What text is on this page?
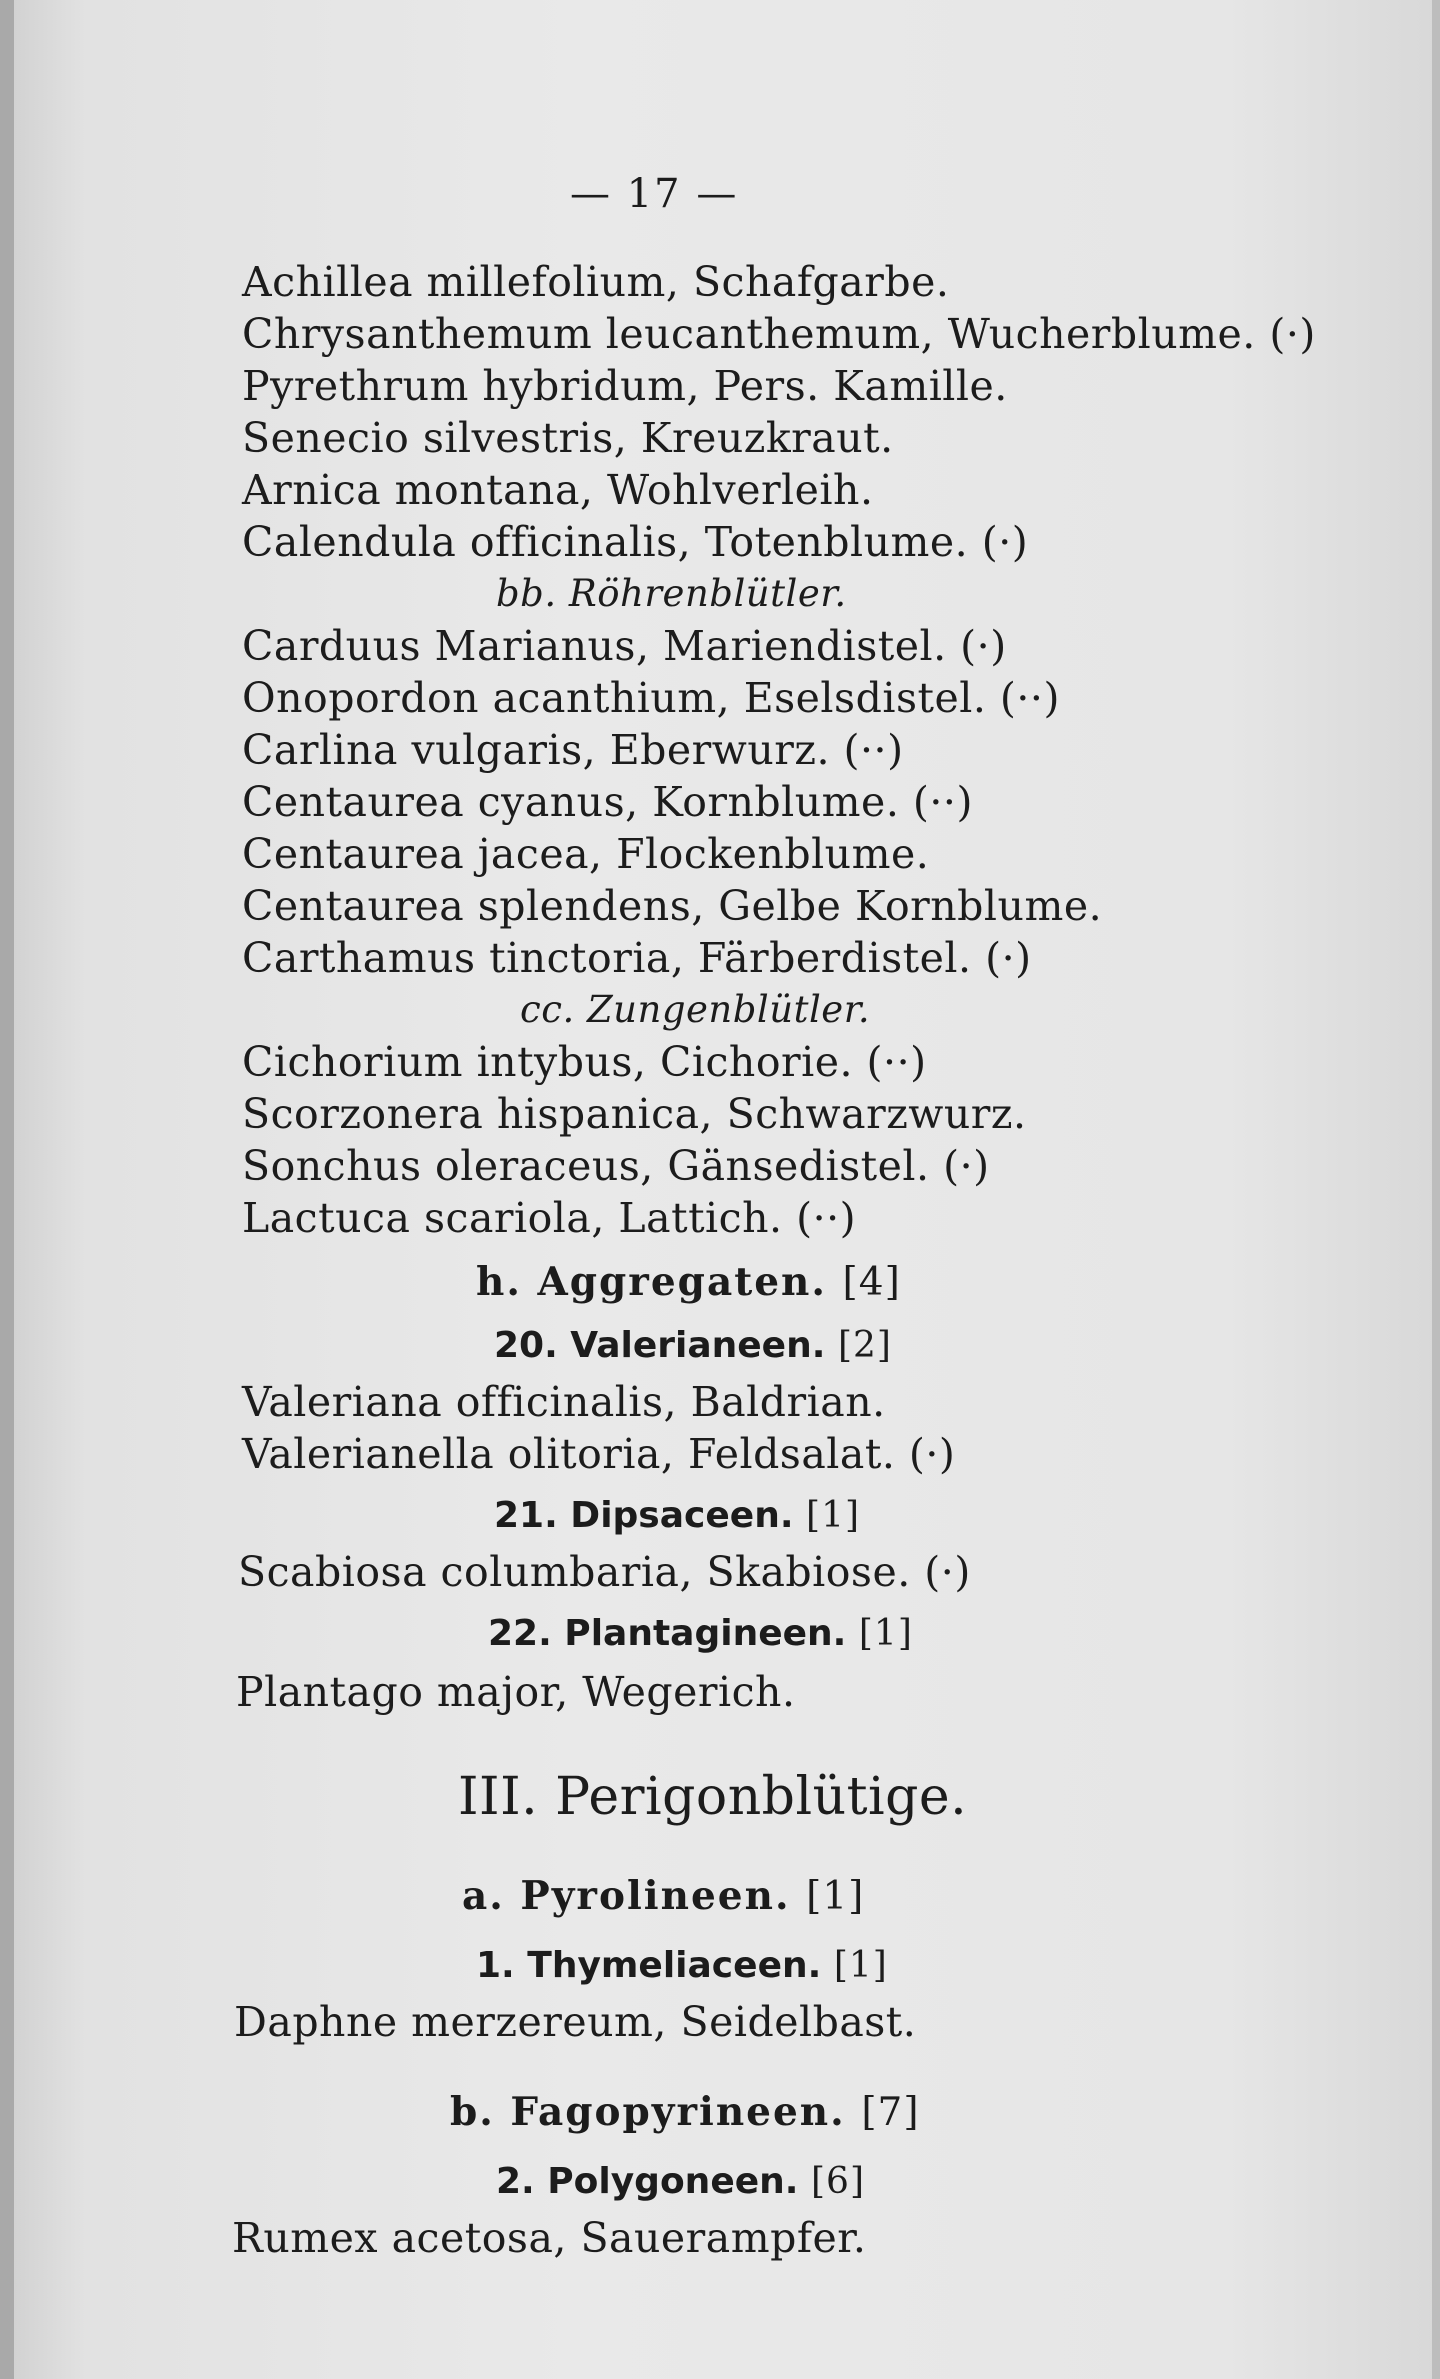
— 17 —
Achillea millefolium, Schafgarbe.
Chrysanthemum leucanthemum, Wucherblume. (·)
Pyrethrum hybridum, Pers. Kamille.
Senecio silvestris, Kreuzkraut.
Arnica montana, Wohlverleih.
Calendula officinalis, Totenblume. (·)
bb. Röhrenblütler.
Carduus Marianus, Mariendistel. (·)
Onopordon acanthium, Eselsdistel. (··)
Carlina vulgaris, Eberwurz. (··)
Centaurea cyanus, Kornblume. (··)
Centaurea jacea, Flockenblume.
Centaurea splendens, Gelbe Kornblume.
Carthamus tinctoria, Färberdistel. (·)
cc. Zungenblütler.
Cichorium intybus, Cichorie. (··)
Scorzonera hispanica, Schwarzwurz.
Sonchus oleraceus, Gänsedistel. (·)
Lactuca scariola, Lattich. (··)
h. Aggregaten. [4]
20. Valerianeen. [2]
Valeriana officinalis, Baldrian.
Valerianella olitoria, Feldsalat. (·)
21. Dipsaceen. [1]
Scabiosa columbaria, Skabiose. (·)
22. Plantagineen. [1]
Plantago major, Wegerich.
III. Perigonblütige.
a. Pyrolineen. [1]
1. Thymeliaceen. [1]
Daphne merzereum, Seidelbast.
b. Fagopyrineen. [7]
2. Polygoneen. [6]
Rumex acetosa, Sauerampfer.
